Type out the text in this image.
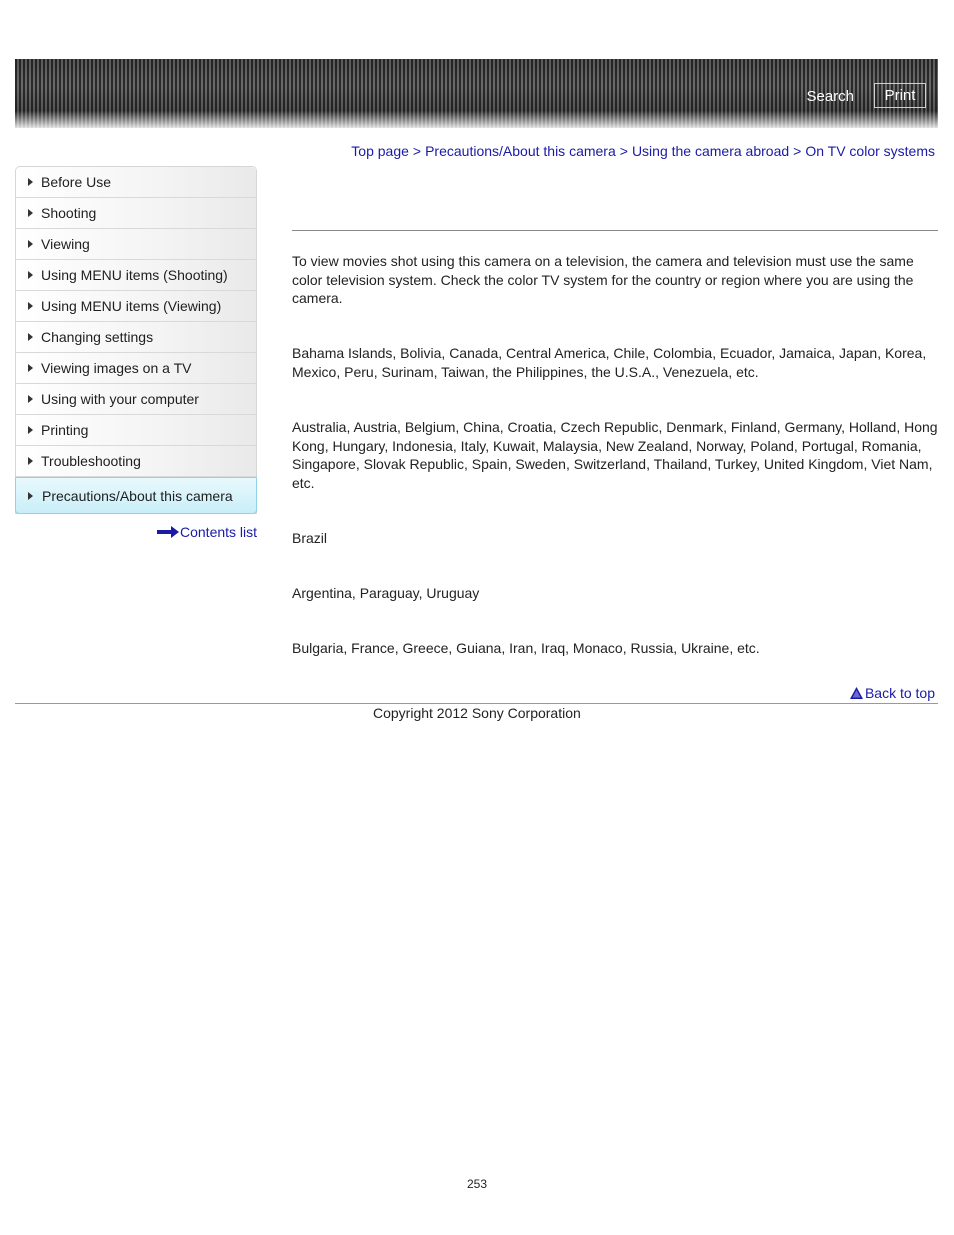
Search	Print
Top page > Precautions/About this camera > Using the camera abroad > On TV color systems
Before Use
Shooting
Viewing
Using MENU items (Shooting)
Using MENU items (Viewing)
Changing settings
Viewing images on a TV
Using with your computer
Printing
Troubleshooting
Precautions/About this camera
Contents list
To view movies shot using this camera on a television, the camera and television must use the same color television system. Check the color TV system for the country or region where you are using the camera.
Bahama Islands, Bolivia, Canada, Central America, Chile, Colombia, Ecuador, Jamaica, Japan, Korea, Mexico, Peru, Surinam, Taiwan, the Philippines, the U.S.A., Venezuela, etc.
Australia, Austria, Belgium, China, Croatia, Czech Republic, Denmark, Finland, Germany, Holland, Hong Kong, Hungary, Indonesia, Italy, Kuwait, Malaysia, New Zealand, Norway, Poland, Portugal, Romania, Singapore, Slovak Republic, Spain, Sweden, Switzerland, Thailand, Turkey, United Kingdom, Viet Nam, etc.
Brazil
Argentina, Paraguay, Uruguay
Bulgaria, France, Greece, Guiana, Iran, Iraq, Monaco, Russia, Ukraine, etc.
Back to top
Copyright 2012 Sony Corporation
253
